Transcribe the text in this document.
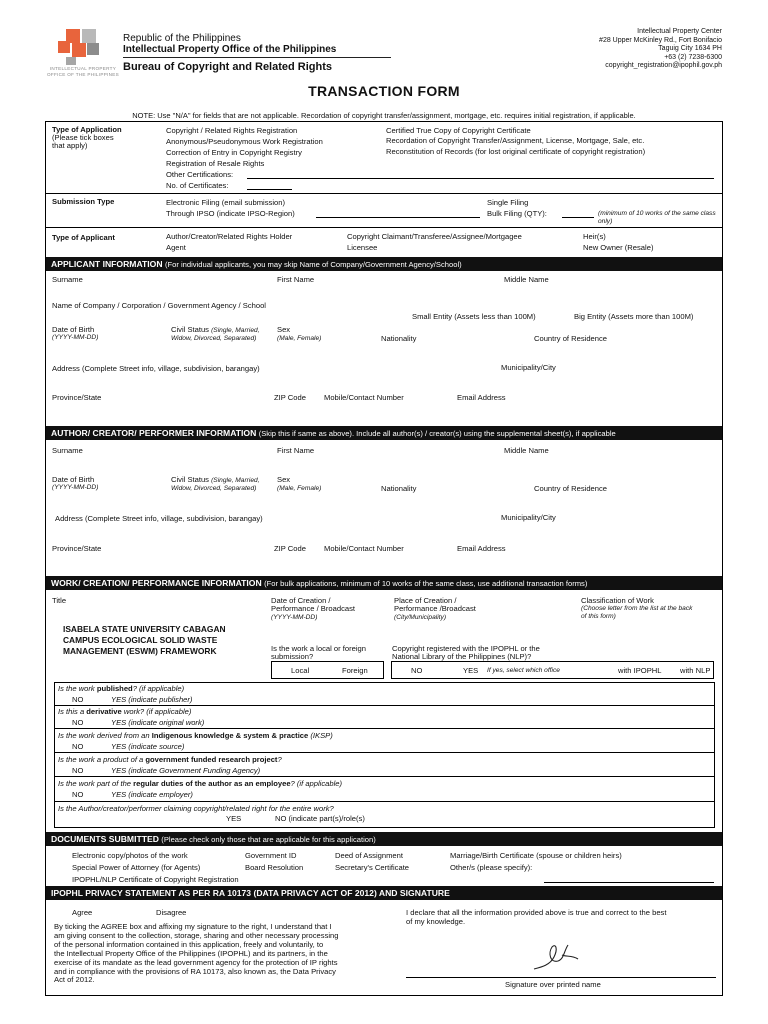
INTELLECTUAL PROPERTY
OFFICE OF THE PHILIPPINES
Republic of the Philippines
Intellectual Property Office of the Philippines
Bureau of Copyright and Related Rights
Intellectual Property Center
#28 Upper McKinley Rd., Fort Bonifacio
Taguig City 1634 PH
+63 (2) 7238-6300
copyright_registration@ipophil.gov.ph
TRANSACTION FORM
NOTE: Use "N/A" for fields that are not applicable. Recordation of copyright transfer/assignment, mortgage, etc. requires initial registration, if applicable.
Type of Application
(Please tick boxes
that apply)
Copyright / Related Rights Registration
Anonymous/Pseudonymous Work Registration
Correction of Entry in Copyright Registry
Registration of Resale Rights
Other Certifications:
No. of Certificates:
Certified True Copy of Copyright Certificate
Recordation of Copyright Transfer/Assignment, License, Mortgage, Sale, etc.
Reconstitution of Records (for lost original certificate of copyright registration)
Submission Type	Electronic Filing (email submission)
Through IPSO (indicate IPSO-Region)
Single Filing
Bulk Filing (QTY):	(minimum of 10 works of the same class only)
Type of Applicant	Author/Creator/Related Rights Holder
Agent
Copyright Claimant/Transferee/Assignee/Mortgagee
Licensee
Heir(s)
New Owner (Resale)
APPLICANT INFORMATION (For individual applicants, you may skip Name of Company/Government Agency/School)
Surname	First Name	Middle Name
Name of Company / Corporation / Government Agency / School
Small Entity (Assets less than 100M)	Big Entity (Assets more than 100M)
Date of Birth
(YYYY-MM-DD)
Civil Status (Single, Married,
Widow, Divorced, Separated)
Sex
(Male, Female)	Nationality	Country of Residence
Address (Complete Street info, village, subdivision, barangay)	Municipality/City
Province/State	ZIP Code Mobile/Contact Number	Email Address
AUTHOR/ CREATOR/ PERFORMER INFORMATION (Skip this if same as above). Include all author(s) / creator(s) using the supplemental sheet(s), if applicable
Surname	First Name	Middle Name
Date of Birth
(YYYY-MM-DD)
Civil Status (Single, Married,
Widow, Divorced, Separated)
Sex
(Male, Female)	Nationality	Country of Residence
Address (Complete Street info, village, subdivision, barangay)	Municipality/City
Province/State	ZIP Code Mobile/Contact Number	Email Address
WORK/ CREATION/ PERFORMANCE INFORMATION (For bulk applications, minimum of 10 works of the same class, use additional transaction forms)
Title
ISABELA STATE UNIVERSITY CABAGAN
CAMPUS ECOLOGICAL SOLID WASTE
MANAGEMENT (ESWM) FRAMEWORK
Date of Creation /
Performance / Broadcast
(YYYY-MM-DD)
Place of Creation /
Performance /Broadcast
(City/Municipality)
Classification of Work
(Choose letter from the list at the back
of this form)
Is the work a local or foreign
submission?
Copyright registered with the IPOPHL or the
National Library of the Philippines (NLP)?
Local	Foreign	NO	YES If yes, select which office	with IPOPHL with NLP
Is the work published? (if applicable)
NO	YES (indicate publisher)
Is this a derivative work? (if applicable)
NO	YES (indicate original work)
Is the work derived from an Indigenous knowledge & system & practice (IKSP)
NO	YES (indicate source)
Is the work a product of a government funded research project?
NO	YES (indicate Government Funding Agency)
Is the work part of the regular duties of the author as an employee? (if applicable)
NO	YES (indicate employer)
Is the Author/creator/performer claiming copyright/related right for the entire work?
YES	NO (indicate part(s)/role(s)
DOCUMENTS SUBMITTED (Please check only those that are applicable for this application)
Electronic copy/photos of the work	Government ID	Deed of Assignment	Marriage/Birth Certificate (spouse or children heirs)
Special Power of Attorney (for Agents)	Board Resolution	Secretary's Certificate	Other/s (please specify):
IPOPHL/NLP Certificate of Copyright Registration
IPOPHL PRIVACY STATEMENT AS PER RA 10173 (DATA PRIVACY ACT OF 2012) AND SIGNATURE
Agree	Disagree
By ticking the AGREE box and affixing my signature to the right, I understand that I
am giving consent to the collection, storage, sharing and other necessary processing
of the personal information contained in this application, freely and voluntarily, to
the Intellectual Property Office of the Philippines (IPOPHL) and its partners, in the
exercise of its mandate as the lead government agency for the protection of IP rights
and in compliance with the provisions of RA 10173, also known as, the Data Privacy
Act of 2012.
I declare that all the information provided above is true and correct to the best
of my knowledge.
Signature over printed name
